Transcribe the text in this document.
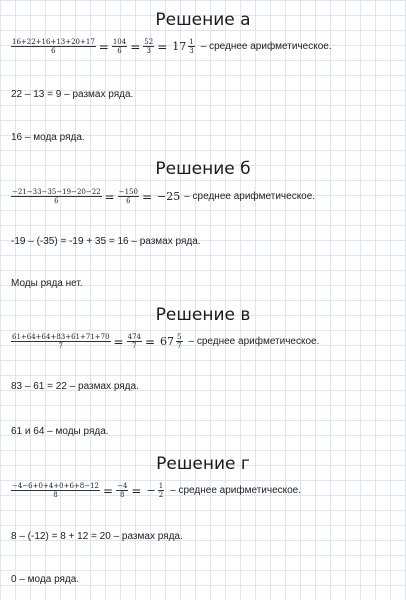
Решение а
$\frac{16+22+16+13+20+17}{6} = \frac{104}{6} = \frac{52}{3} = 17 \frac{1}{3}$ – среднее арифметическое.
22 – 13 = 9 – размах ряда.
16 – мода ряда.
Решение б
$\frac{-21-33-35-19-20-22}{6} = \frac{-150}{6} = -25$ – среднее арифметическое.
-19 – (-35) = -19 + 35 = 16 – размах ряда.
Моды ряда нет.
Решение в
$\frac{61+64+64+83+61+71+70}{7} = \frac{474}{7} = 67 \frac{5}{7}$ – среднее арифметическое.
83 – 61 = 22 – размах ряда.
61 и 64 – моды ряда.
Решение г
$\frac{-4-6+0+4+0+6+8-12}{8} = \frac{-4}{8}$ = − $\frac{1}{2}$ – среднее арифметическое.
8 – (-12) = 8 + 12 = 20 – размах ряда.
0 – мода ряда.
